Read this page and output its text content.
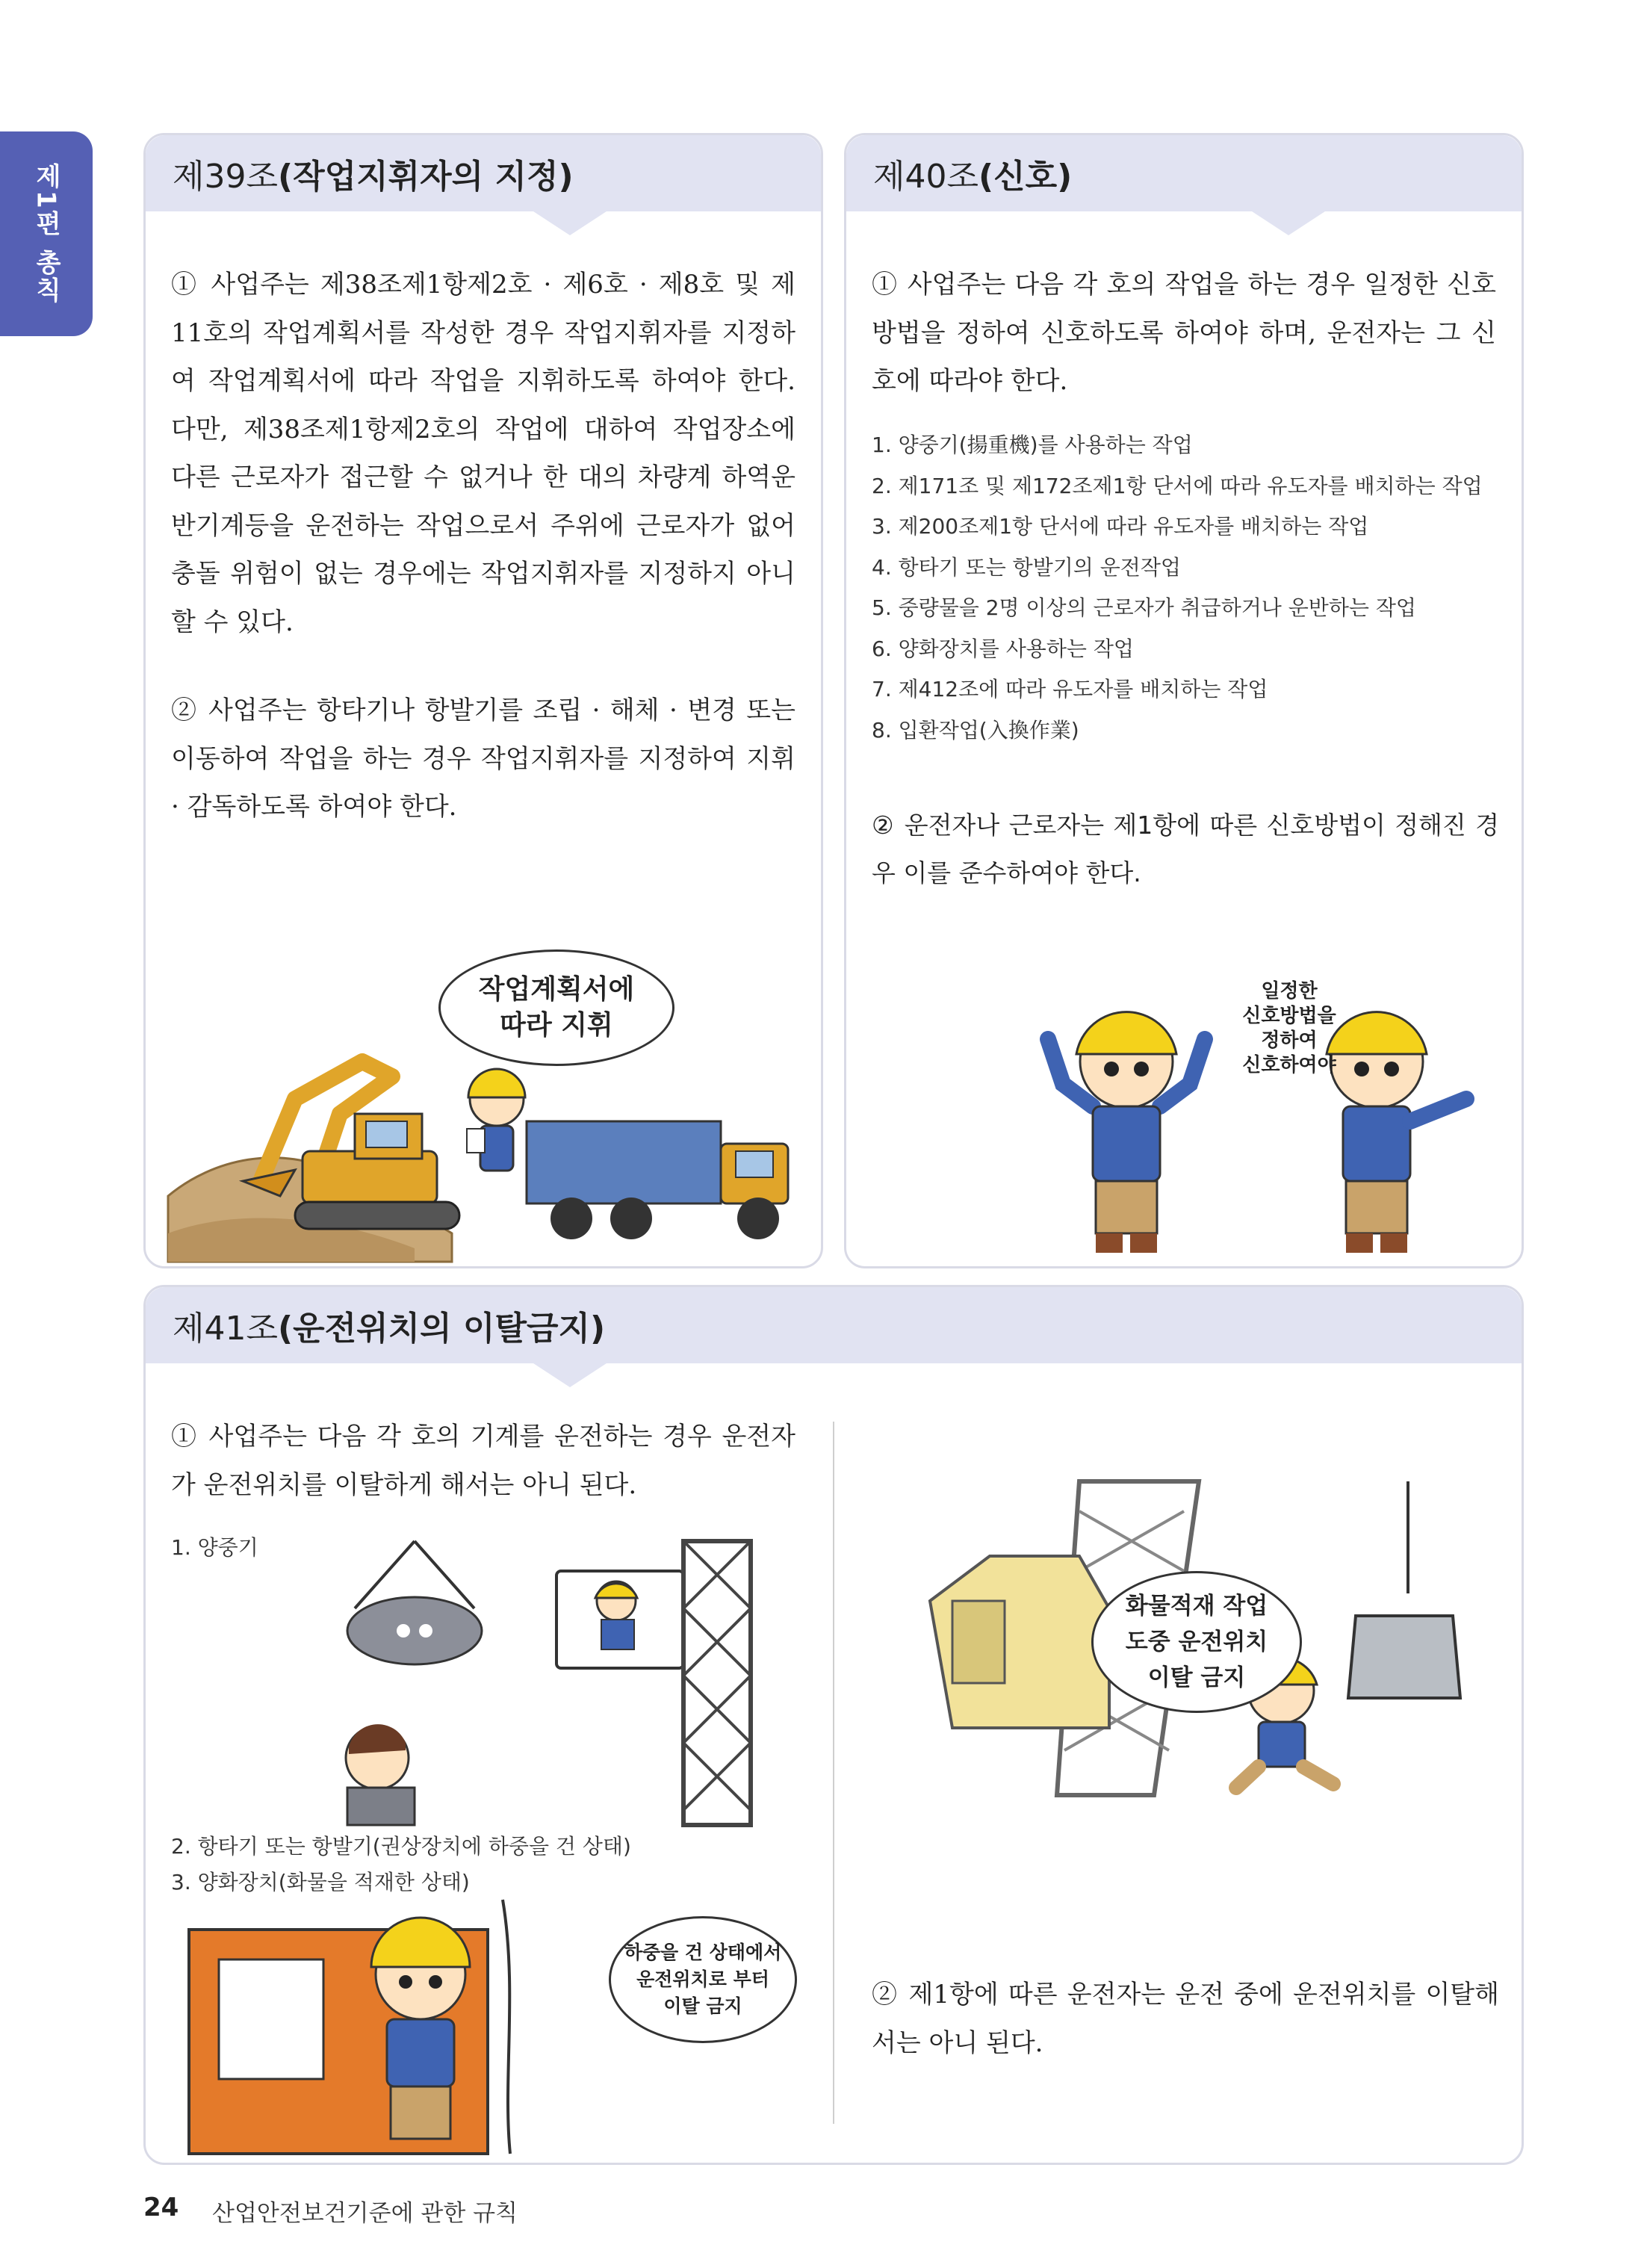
제1편 총칙	제39조 (작업지휘자의 지정)
① 사업주는 제38조제1항제2호 · 제6호 · 제8호 및 제11호의 작업계획서를 작성한 경우 작업지휘자를 지정하여 작업계획서에 따라 작업을 지휘하도록 하여야 한다. 다만, 제38조제1항제2호의 작업에 대하여 작업장소에 다른 근로자가 접근할 수 없거나 한 대의 차량계 하역운반기계등을 운전하는 작업으로서 주위에 근로자가 없어 충돌 위험이 없는 경우에는 작업지휘자를 지정하지 아니할 수 있다.
② 사업주는 항타기나 항발기를 조립 · 해체 · 변경 또는 이동하여 작업을 하는 경우 작업지휘자를 지정하여 지휘 · 감독하도록 하여야 한다.
작업계획서에
따라 지휘
제40조 (신호)
① 사업주는 다음 각 호의 작업을 하는 경우 일정한 신호방법을 정하여 신호하도록 하여야 하며, 운전자는 그 신호에 따라야 한다.
1. 양중기(揚重機)를 사용하는 작업
2. 제171조 및 제172조제1항 단서에 따라 유도자를 배치하는 작업
3. 제200조제1항 단서에 따라 유도자를 배치하는 작업
4. 항타기 또는 항발기의 운전작업
5. 중량물을 2명 이상의 근로자가 취급하거나 운반하는 작업
6. 양화장치를 사용하는 작업
7. 제412조에 따라 유도자를 배치하는 작업
8. 입환작업(入換作業)
② 운전자나 근로자는 제1항에 따른 신호방법이 정해진 경우 이를 준수하여야 한다.
일정한
신호방법을
정하여
신호하여야
제41조 (운전위치의 이탈금지)
① 사업주는 다음 각 호의 기계를 운전하는 경우 운전자가 운전위치를 이탈하게 해서는 아니 된다.
1. 양중기
2. 항타기 또는 항발기(권상장치에 하중을 건 상태)
3. 양화장치(화물을 적재한 상태)
하중을 건 상태에서
운전위치로 부터
이탈 금지
화물적재 작업
도중 운전위치
이탈 금지
② 제1항에 따른 운전자는 운전 중에 운전위치를 이탈해서는 아니 된다.
24 산업안전보건기준에 관한 규칙
